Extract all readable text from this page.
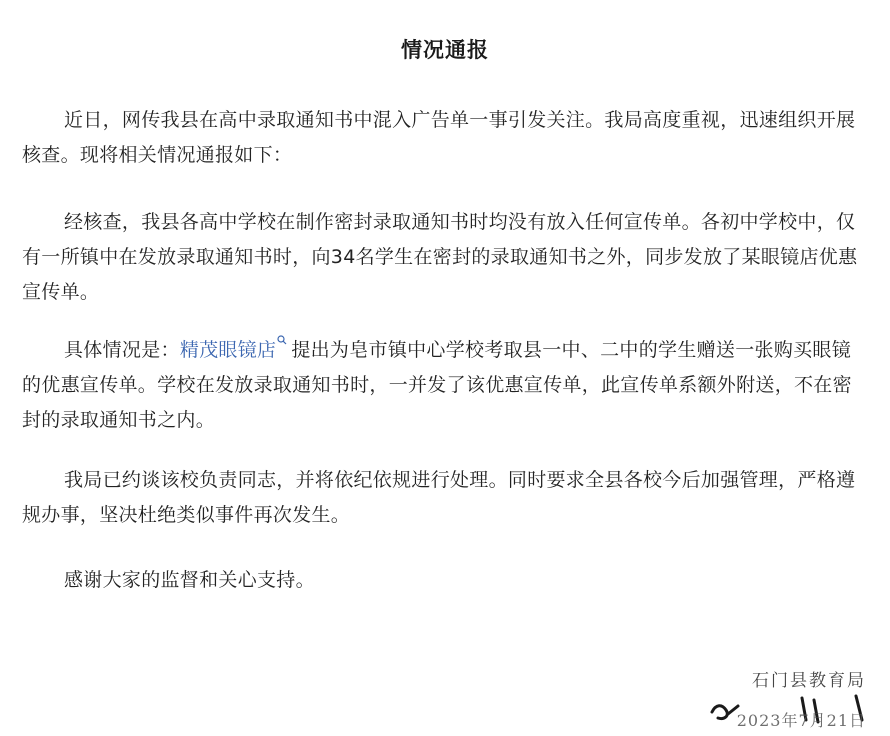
情况通报
近日，网传我县在高中录取通知书中混入广告单一事引发关注。我局高度重视，迅速组织开展核查。现将相关情况通报如下：
经核查，我县各高中学校在制作密封录取通知书时均没有放入任何宣传单。各初中学校中，仅有一所镇中在发放录取通知书时，向34名学生在密封的录取通知书之外，同步发放了某眼镜店优惠宣传单。
具体情况是：精茂眼镜店 提出为皂市镇中心学校考取县一中、二中的学生赠送一张购买眼镜的优惠宣传单。学校在发放录取通知书时，一并发了该优惠宣传单，此宣传单系额外附送，不在密封的录取通知书之内。
我局已约谈该校负责同志，并将依纪依规进行处理。同时要求全县各校今后加强管理，严格遵规办事，坚决杜绝类似事件再次发生。
感谢大家的监督和关心支持。
石门县教育局
2023年7月21日
